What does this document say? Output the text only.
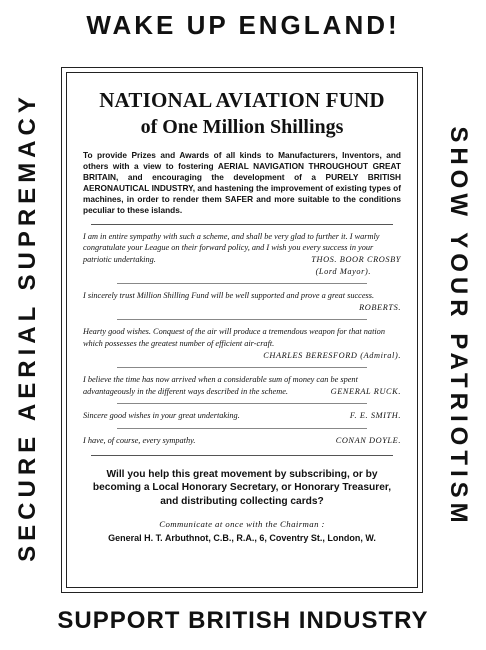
WAKE UP ENGLAND!
SECURE AERIAL SUPREMACY	SHOW YOUR PATRIOTISM
NATIONAL AVIATION FUND
of One Million Shillings
To provide Prizes and Awards of all kinds to Manufacturers, Inventors, and others with a view to fostering AERIAL NAVIGATION THROUGHOUT GREAT BRITAIN, and encouraging the development of a PURELY BRITISH AERONAUTICAL INDUSTRY, and hastening the improvement of existing types of machines, in order to render them SAFER and more suitable to the conditions peculiar to these islands.
I am in entire sympathy with such a scheme, and shall be very glad to further it. I warmly congratulate your League on their forward policy, and I wish you every success in your patriotic undertaking.	THOS. BOOR CROSBY
(Lord Mayor).
I sincerely trust Million Shilling Fund will be well supported and prove a great success.
ROBERTS.
Hearty good wishes. Conquest of the air will produce a tremendous weapon for that nation which possesses the greatest number of efficient air-craft.
CHARLES BERESFORD (Admiral).
I believe the time has now arrived when a considerable sum of money can be spent advantageously in the different ways described in the scheme.	GENERAL RUCK.
Sincere good wishes in your great undertaking.	F. E. SMITH.
I have, of course, every sympathy.	CONAN DOYLE.
Will you help this great movement by subscribing, or by becoming a Local Honorary Secretary, or Honorary Treasurer, and distributing collecting cards?
Communicate at once with the Chairman :
General H. T. Arbuthnot, C.B., R.A., 6, Coventry St., London, W.
SUPPORT BRITISH INDUSTRY
